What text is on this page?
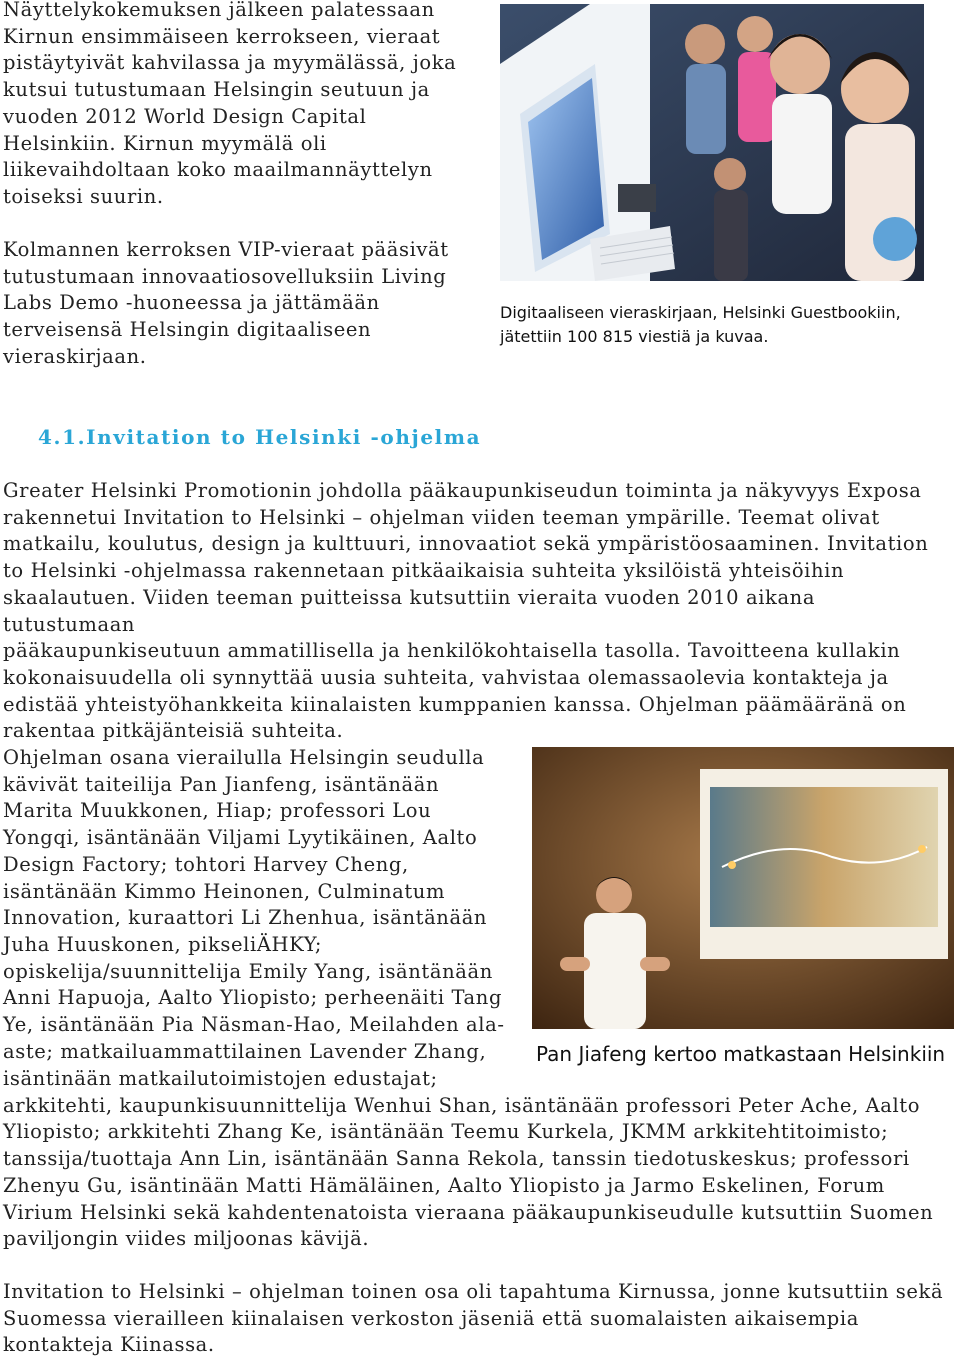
Näyttelykokemuksen jälkeen palatessaan
Kirnun ensimmäiseen kerrokseen, vieraat
pistäytyivät kahvilassa ja myymälässä, joka
kutsui tutustumaan Helsingin seutuun ja
vuoden 2012 World Design Capital
Helsinkiin. Kirnun myymälä oli
liikevaihdoltaan koko maailmannäyttelyn
toiseksi suurin.
Kolmannen kerroksen VIP-vieraat pääsivät
tutustumaan innovaatiosovelluksiin Living
Labs Demo -huoneessa ja jättämään
terveisensä Helsingin digitaaliseen
vieraskirjaan.
Digitaaliseen vieraskirjaan, Helsinki Guestbookiin,
jätettiin 100 815 viestiä ja kuvaa.
4.1.Invitation to Helsinki -ohjelma
Greater Helsinki Promotionin johdolla pääkaupunkiseudun toiminta ja näkyvyys Exposa
rakennetui Invitation to Helsinki – ohjelman viiden teeman ympärille. Teemat olivat
matkailu, koulutus, design ja kulttuuri, innovaatiot sekä ympäristöosaaminen. Invitation
to Helsinki -ohjelmassa rakennetaan pitkäaikaisia suhteita yksilöistä yhteisöihin
skaalautuen. Viiden teeman puitteissa kutsuttiin vieraita vuoden 2010 aikana tutustumaan
pääkaupunkiseutuun ammatillisella ja henkilökohtaisella tasolla. Tavoitteena kullakin
kokonaisuudella oli synnyttää uusia suhteita, vahvistaa olemassaolevia kontakteja ja
edistää yhteistyöhankkeita kiinalaisten kumppanien kanssa. Ohjelman päämääränä on
rakentaa pitkäjänteisiä suhteita.
Ohjelman osana vierailulla Helsingin seudulla
kävivät taiteilija Pan Jianfeng, isäntänään
Marita Muukkonen, Hiap; professori Lou
Yongqi, isäntänään Viljami Lyytikäinen, Aalto
Design Factory; tohtori Harvey Cheng,
isäntänään Kimmo Heinonen, Culminatum
Innovation, kuraattori Li Zhenhua, isäntänään
Juha Huuskonen, pikseliÄHKY;
opiskelija/suunnittelija Emily Yang, isäntänään
Anni Hapuoja, Aalto Yliopisto; perheenäiti Tang
Ye, isäntänään Pia Näsman-Hao, Meilahden ala-
aste; matkailuammattilainen Lavender Zhang,	Pan Jiafeng kertoo matkastaan Helsinkiin
isäntinään matkailutoimistojen edustajat;
arkkitehti, kaupunkisuunnittelija Wenhui Shan, isäntänään professori Peter Ache, Aalto
Yliopisto; arkkitehti Zhang Ke, isäntänään Teemu Kurkela, JKMM arkkitehtitoimisto;
tanssija/tuottaja Ann Lin, isäntänään Sanna Rekola, tanssin tiedotuskeskus; professori
Zhenyu Gu, isäntinään Matti Hämäläinen, Aalto Yliopisto ja Jarmo Eskelinen, Forum
Virium Helsinki sekä kahdentenatoista vieraana pääkaupunkiseudulle kutsuttiin Suomen
paviljongin viides miljoonas kävijä.
Invitation to Helsinki – ohjelman toinen osa oli tapahtuma Kirnussa, jonne kutsuttiin sekä
Suomessa vierailleen kiinalaisen verkoston jäseniä että suomalaisten aikaisempia
kontakteja Kiinassa.
